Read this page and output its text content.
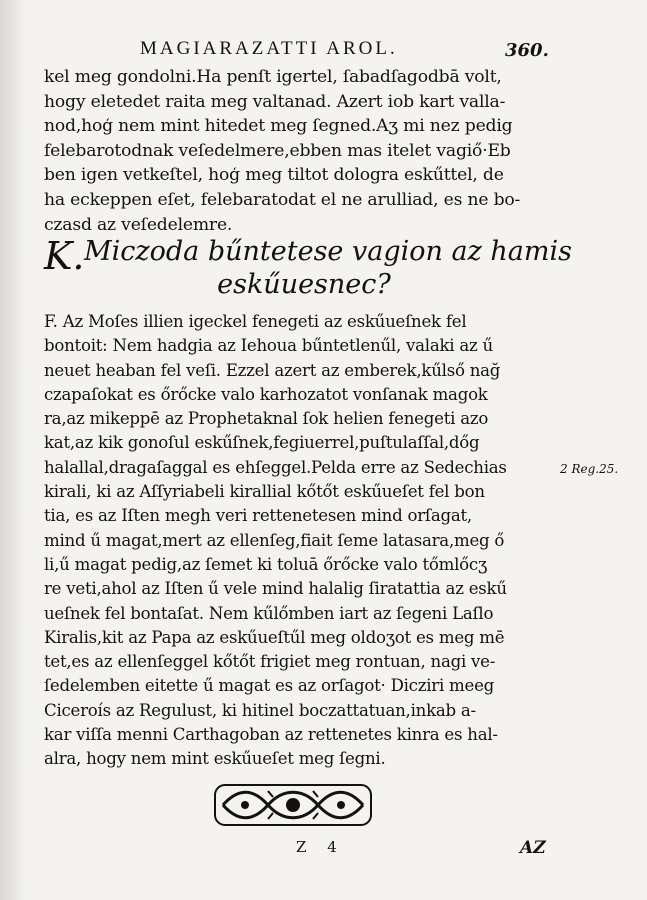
MAGIARAZATTI AROL.	360.
kel meg gondolni.Ha penſt igertel, ſabadſagodbā volt,
hogy eletedet raita meg valtanad. Azert iob kart valla-
nod,hoģ nem mint hitedet meg ſegned.Aʒ mi nez pedig
felebarotodnak veſedelmere,ebben mas itelet vagiő·Eb
ben igen vetkeſtel, hoģ meg tiltot dologra eskűttel, de
ha eckeppen eſet, felebaratodat el ne arulliad, es ne bo-
czasd az veſedelemre.
K. Miczoda bűntetese vagion az hamis
eskűuesnec?
F. Az Moſes illien igeckel fenegeti az eskűueſnek fel
bontoit: Nem hadgia az Iehoua bűntetlenűl, valaki az ű
neuet heaban fel veſi. Ezzel azert az emberek,kűlső nağ
czapaſokat es őrőcke valo karhozatot vonſanak magok
ra,az mikeppē az Prophetaknal ſok helien fenegeti azo
kat,az kik gonoſul eskűſnek,fegiuerrel,puſtulaſſal,dőg
halallal,dragaſaggal es ehſeggel.Pelda erre az Sedechias
kirali, ki az Aſſyriabeli kirallial kőtőt eskűueſet fel bon
tia, es az Iſten megh veri rettenetesen mind orſagat,
mind ű magat,mert az ellenſeg,fiait ſeme latasara,meg ő
li,ű magat pedig,az ſemet ki toluā őrőcke valo tőmlőcʒ
re veti,ahol az Iſten ű vele mind halalig ſiratattia az eskű
ueſnek fel bontaſat. Nem kűlőmben iart az ſegeni Laſlo
Kiralis,kit az Papa az eskűueſtűl meg oldoʒot es meg mē
tet,es az ellenſeggel kőtőt frigiet meg rontuan, nagi ve-
ſedelemben eitette ű magat es az orſagot· Dicziri meeg
Ciceroís az Regulust, ki hitinel boczattatuan,inkab a-
kar viſſa menni Carthagoban az rettenetes kinra es hal-
alra, hogy nem mint eskűueſet meg ſegni.
2 Reg.25.
Z 4	AZ
